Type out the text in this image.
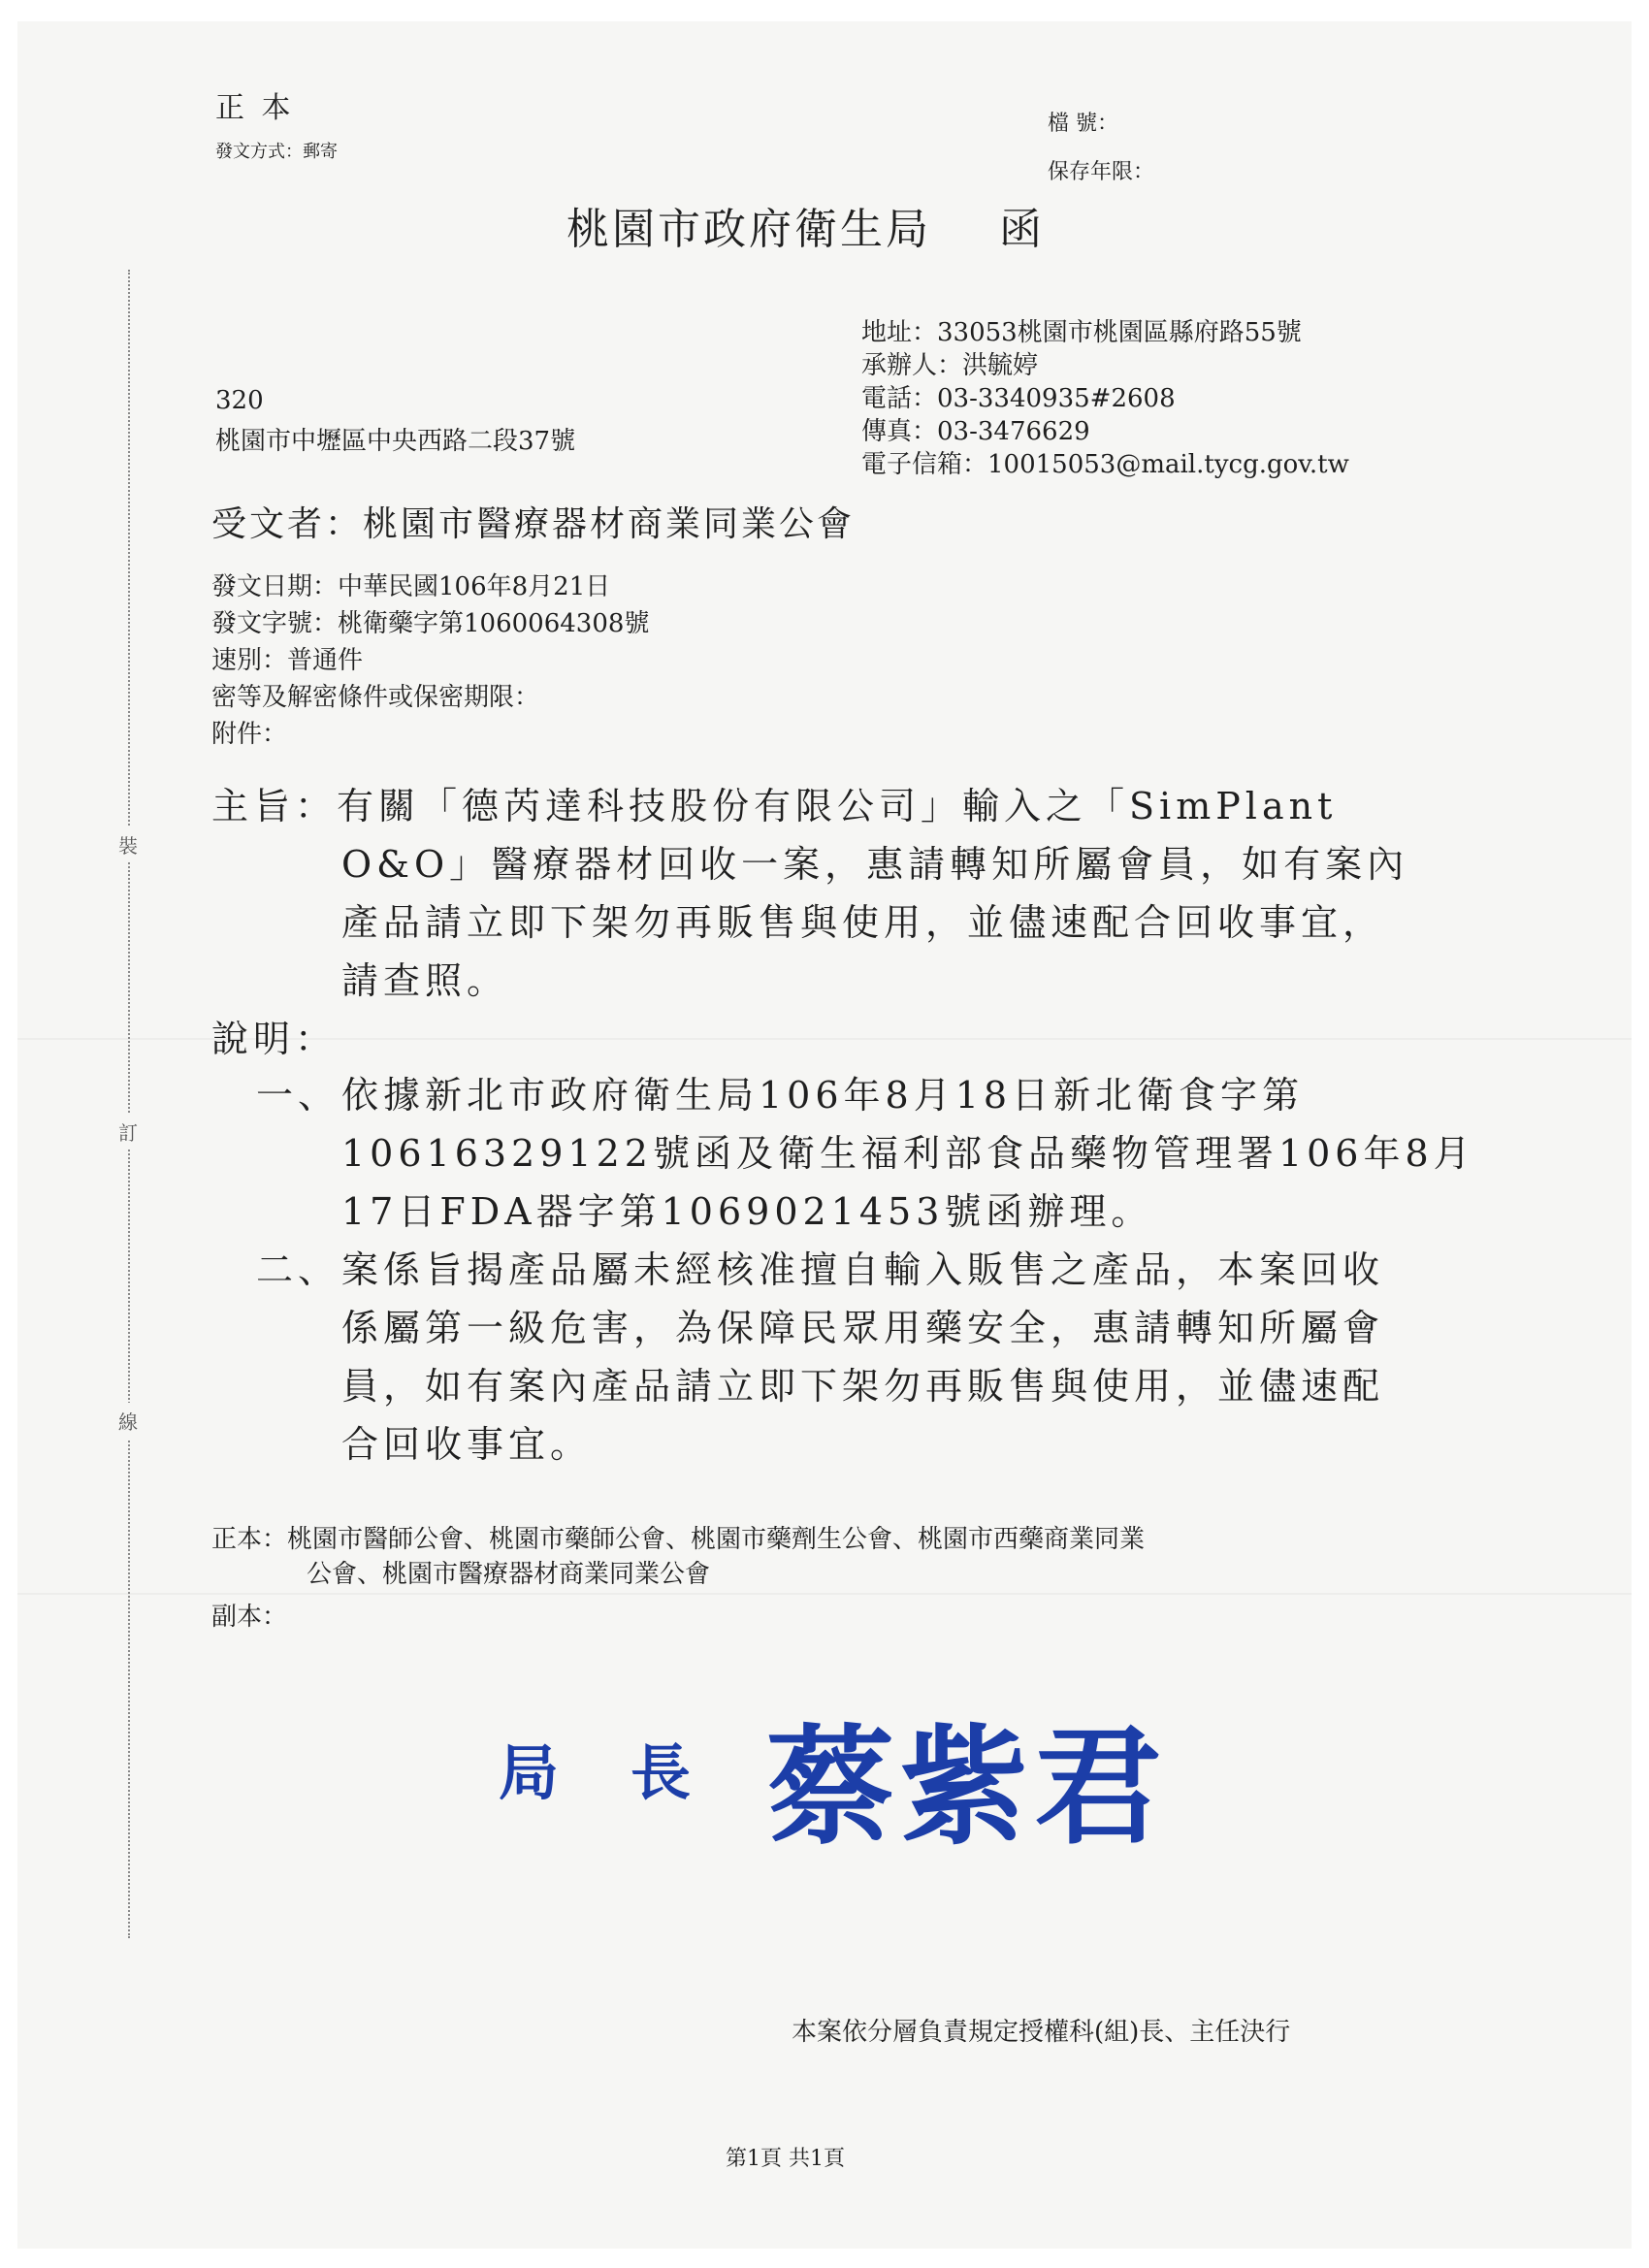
正 本
發文方式：郵寄
檔 號：
保存年限：
桃園市政府衛生局 函
地址：33053桃園市桃園區縣府路55號
承辦人：洪毓婷
電話：03-3340935#2608
傳真：03-3476629
電子信箱：10015053@mail.tycg.gov.tw
320
桃園市中壢區中央西路二段37號
受文者：桃園市醫療器材商業同業公會
發文日期：中華民國106年8月21日
發文字號：桃衛藥字第1060064308號
速別：普通件
密等及解密條件或保密期限：
附件：
裝
訂
線
主旨：有關「德芮達科技股份有限公司」輸入之「SimPlant
O&O」醫療器材回收一案，惠請轉知所屬會員，如有案內
產品請立即下架勿再販售與使用，並儘速配合回收事宜，
請查照。
說明：
一、 依據新北市政府衛生局106年8月18日新北衛食字第
1061632912​2號函及衛生福利部食品藥物管理署106年8月
17日FDA器字第1069021453號函辦理。
二、 案係旨揭產品屬未經核准擅自輸入販售之產品，本案回收
係屬第一級危害，為保障民眾用藥安全，惠請轉知所屬會
員，如有案內產品請立即下架勿再販售與使用，並儘速配
合回收事宜。
正本：桃園市醫師公會、桃園市藥師公會、桃園市藥劑生公會、桃園市西藥商業同業
公會、桃園市醫療器材商業同業公會
副本：
局 長 蔡紫君
本案依分層負責規定授權科(組)長、主任決行
第1頁 共1頁
